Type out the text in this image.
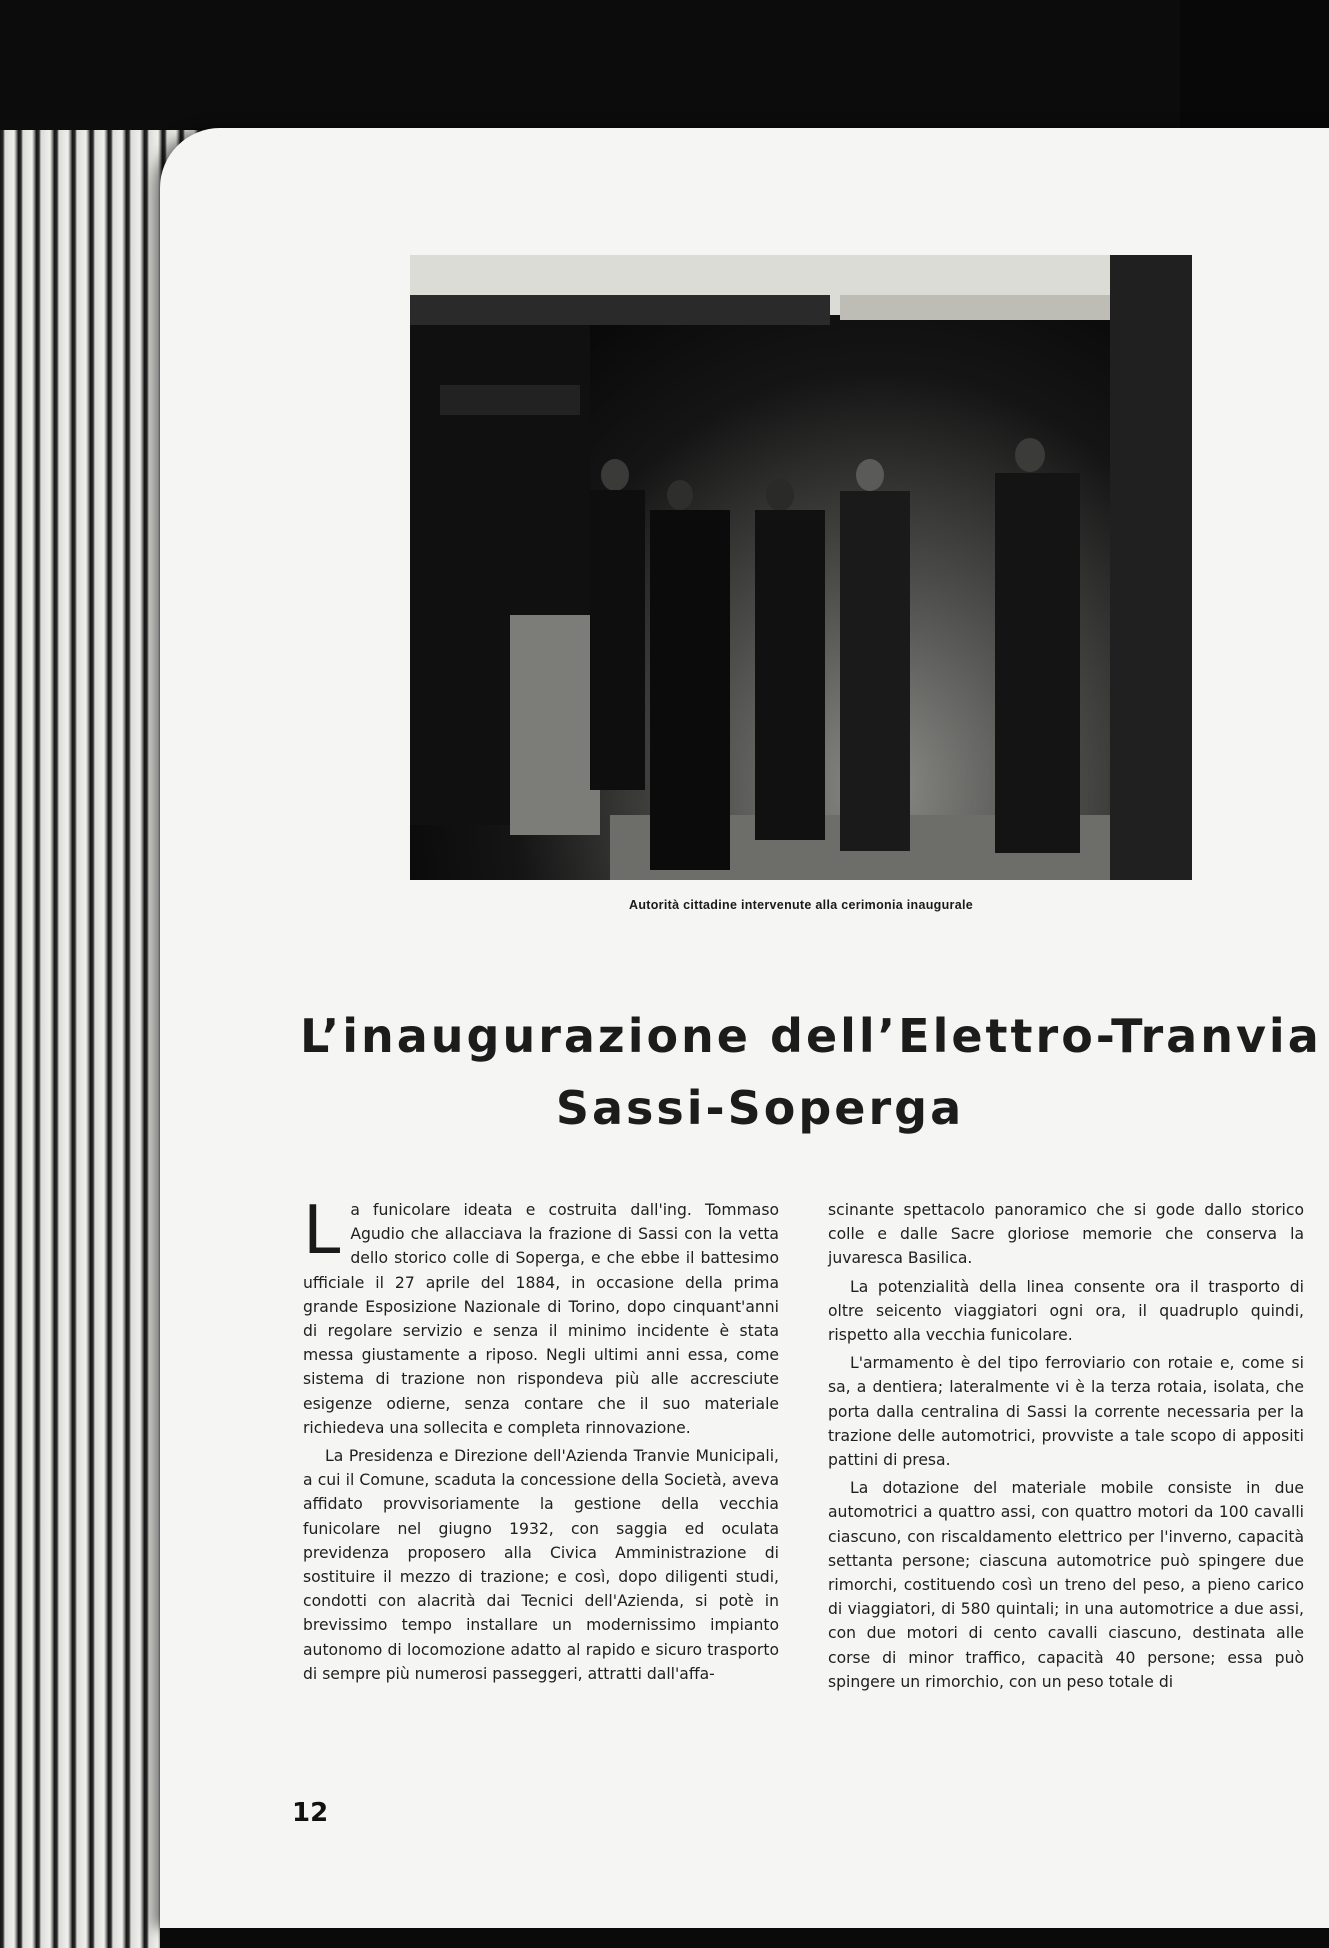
Autorità cittadine intervenute alla cerimonia inaugurale
L’inaugurazione dell’Elettro-Tranvia
Sassi-Soperga

La funicolare ideata e costruita dall'ing. Tommaso Agudio che allacciava la frazione di Sassi con la vetta dello storico colle di Soperga, e che ebbe il battesimo ufficiale il 27 aprile del 1884, in occasione della prima grande Esposizione Nazionale di Torino, dopo cinquant'anni di regolare servizio e senza il minimo incidente è stata messa giustamente a riposo. Negli ultimi anni essa, come sistema di trazione non rispondeva più alle accresciute esigenze odierne, senza contare che il suo materiale richiedeva una sollecita e completa rinnovazione.

La Presidenza e Direzione dell'Azienda Tranvie Municipali, a cui il Comune, scaduta la concessione della Società, aveva affidato provvisoriamente la gestione della vecchia funicolare nel giugno 1932, con saggia ed oculata previdenza proposero alla Civica Amministrazione di sostituire il mezzo di trazione; e così, dopo diligenti studi, condotti con alacrità dai Tecnici dell'Azienda, si potè in brevissimo tempo installare un modernissimo impianto autonomo di locomozione adatto al rapido e sicuro trasporto di sempre più numerosi passeggeri, attratti dall'affa-

scinante spettacolo panoramico che si gode dallo storico colle e dalle Sacre gloriose memorie che conserva la juvaresca Basilica.

La potenzialità della linea consente ora il trasporto di oltre seicento viaggiatori ogni ora, il quadruplo quindi, rispetto alla vecchia funicolare.

L'armamento è del tipo ferroviario con rotaie e, come si sa, a dentiera; lateralmente vi è la terza rotaia, isolata, che porta dalla centralina di Sassi la corrente necessaria per la trazione delle automotrici, provviste a tale scopo di appositi pattini di presa.

La dotazione del materiale mobile consiste in due automotrici a quattro assi, con quattro motori da 100 cavalli ciascuno, con riscaldamento elettrico per l'inverno, capacità settanta persone; ciascuna automotrice può spingere due rimorchi, costituendo così un treno del peso, a pieno carico di viaggiatori, di 580 quintali; in una automotrice a due assi, con due motori di cento cavalli ciascuno, destinata alle corse di minor traffico, capacità 40 persone; essa può spingere un rimorchio, con un peso totale di

12
